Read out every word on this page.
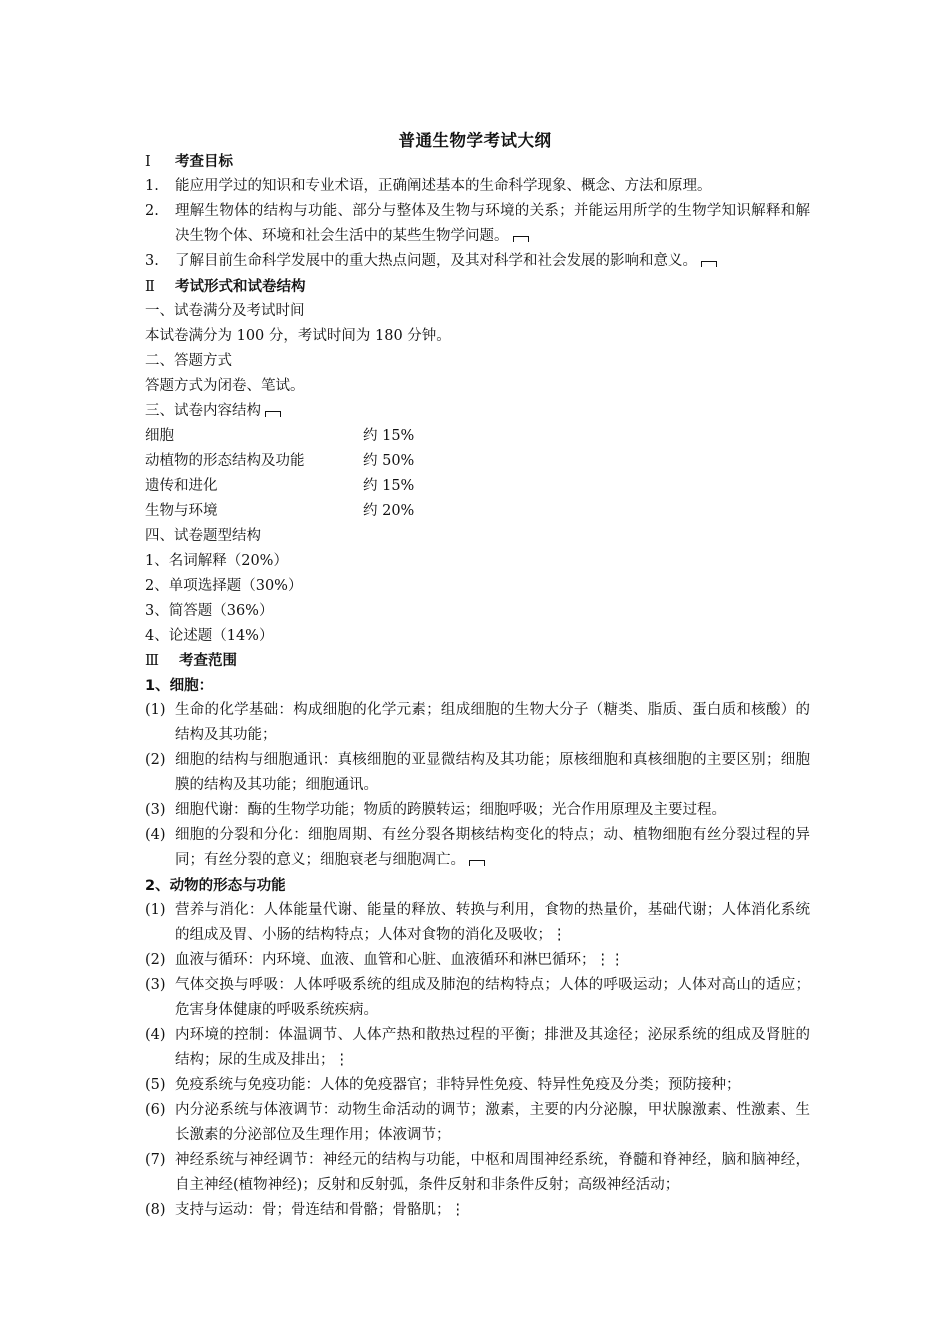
普通生物学考试大纲
Ⅰ 考查目标
1.	能应用学过的知识和专业术语，正确阐述基本的生命科学现象、概念、方法和原理。
2.	理解生物体的结构与功能、部分与整体及生物与环境的关系；并能运用所学的生物学知识解释和解决生物个体、环境和社会生活中的某些生物学问题。
3.	了解目前生命科学发展中的重大热点问题，及其对科学和社会发展的影响和意义。
Ⅱ 考试形式和试卷结构
一、试卷满分及考试时间
本试卷满分为 100 分，考试时间为 180 分钟。
二、答题方式
答题方式为闭卷、笔试。
三、试卷内容结构
细胞	约 15%
动植物的形态结构及功能	约 50%
遗传和进化	约 15%
生物与环境	约 20%
四、试卷题型结构
1、名词解释（20%）
2、单项选择题（30%）
3、简答题（36%）
4、论述题（14%）
Ⅲ 考查范围
1、细胞：
(1) 生命的化学基础：构成细胞的化学元素；组成细胞的生物大分子（糖类、脂质、蛋白质和核酸）的结构及其功能；
(2) 细胞的结构与细胞通讯：真核细胞的亚显微结构及其功能；原核细胞和真核细胞的主要区别；细胞膜的结构及其功能；细胞通讯。
(3) 细胞代谢：酶的生物学功能；物质的跨膜转运；细胞呼吸；光合作用原理及主要过程。
(4) 细胞的分裂和分化：细胞周期、有丝分裂各期核结构变化的特点；动、植物细胞有丝分裂过程的异同；有丝分裂的意义；细胞衰老与细胞凋亡。
2、动物的形态与功能
(1) 营养与消化：人体能量代谢、能量的释放、转换与利用，食物的热量价，基础代谢；人体消化系统的组成及胃、小肠的结构特点；人体对食物的消化及吸收；⋮
(2) 血液与循环：内环境、血液、血管和心脏、血液循环和淋巴循环；⋮⋮
(3) 气体交换与呼吸：人体呼吸系统的组成及肺泡的结构特点；人体的呼吸运动；人体对高山的适应；危害身体健康的呼吸系统疾病。
(4) 内环境的控制：体温调节、人体产热和散热过程的平衡；排泄及其途径；泌尿系统的组成及肾脏的结构；尿的生成及排出；⋮
(5) 免疫系统与免疫功能：人体的免疫器官；非特异性免疫、特异性免疫及分类；预防接种；
(6) 内分泌系统与体液调节：动物生命活动的调节；激素，主要的内分泌腺，甲状腺激素、性激素、生长激素的分泌部位及生理作用；体液调节；
(7) 神经系统与神经调节：神经元的结构与功能，中枢和周围神经系统，脊髓和脊神经，脑和脑神经，自主神经(植物神经)；反射和反射弧，条件反射和非条件反射；高级神经活动；
(8) 支持与运动：骨；骨连结和骨骼；骨骼肌；⋮
